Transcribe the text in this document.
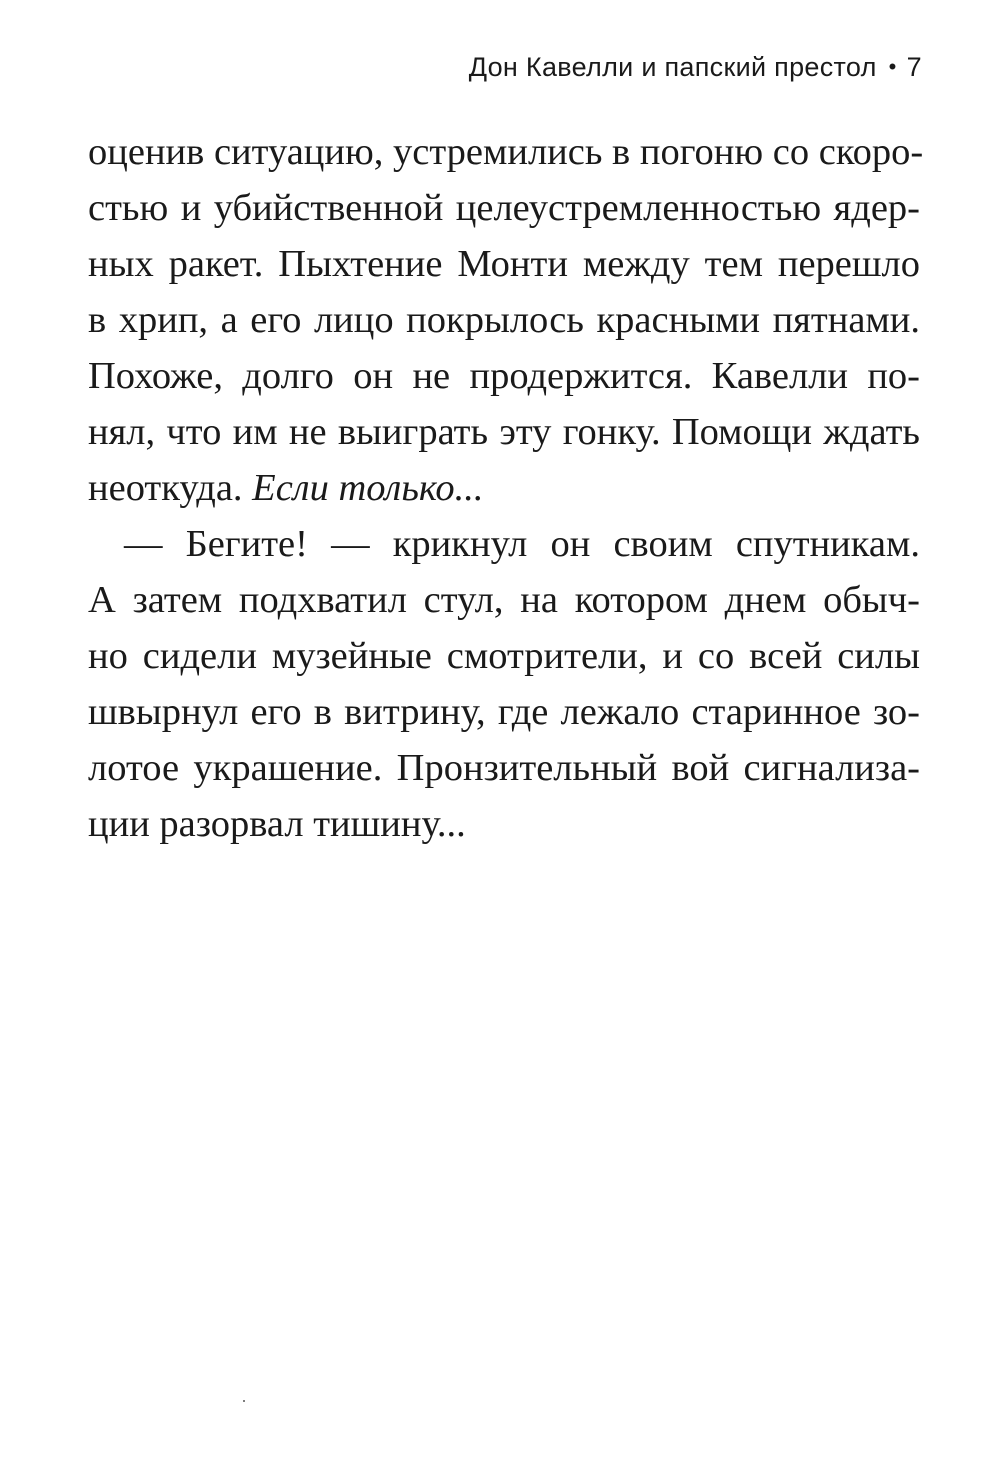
Дон Кавелли и папский престол • 7
оценив ситуацию, устремились в погоню со скоро-
стью и убийственной целеустремленностью ядер-
ных ракет. Пыхтение Монти между тем перешло
в хрип, а его лицо покрылось красными пятнами.
Похоже, долго он не продержится. Кавелли по-
нял, что им не выиграть эту гонку. Помощи ждать
неоткуда. Если только...
— Бегите! — крикнул он своим спутникам.
А затем подхватил стул, на котором днем обыч-
но сидели музейные смотрители, и со всей силы
швырнул его в витрину, где лежало старинное зо-
лотое украшение. Пронзительный вой сигнализа-
ции разорвал тишину...
